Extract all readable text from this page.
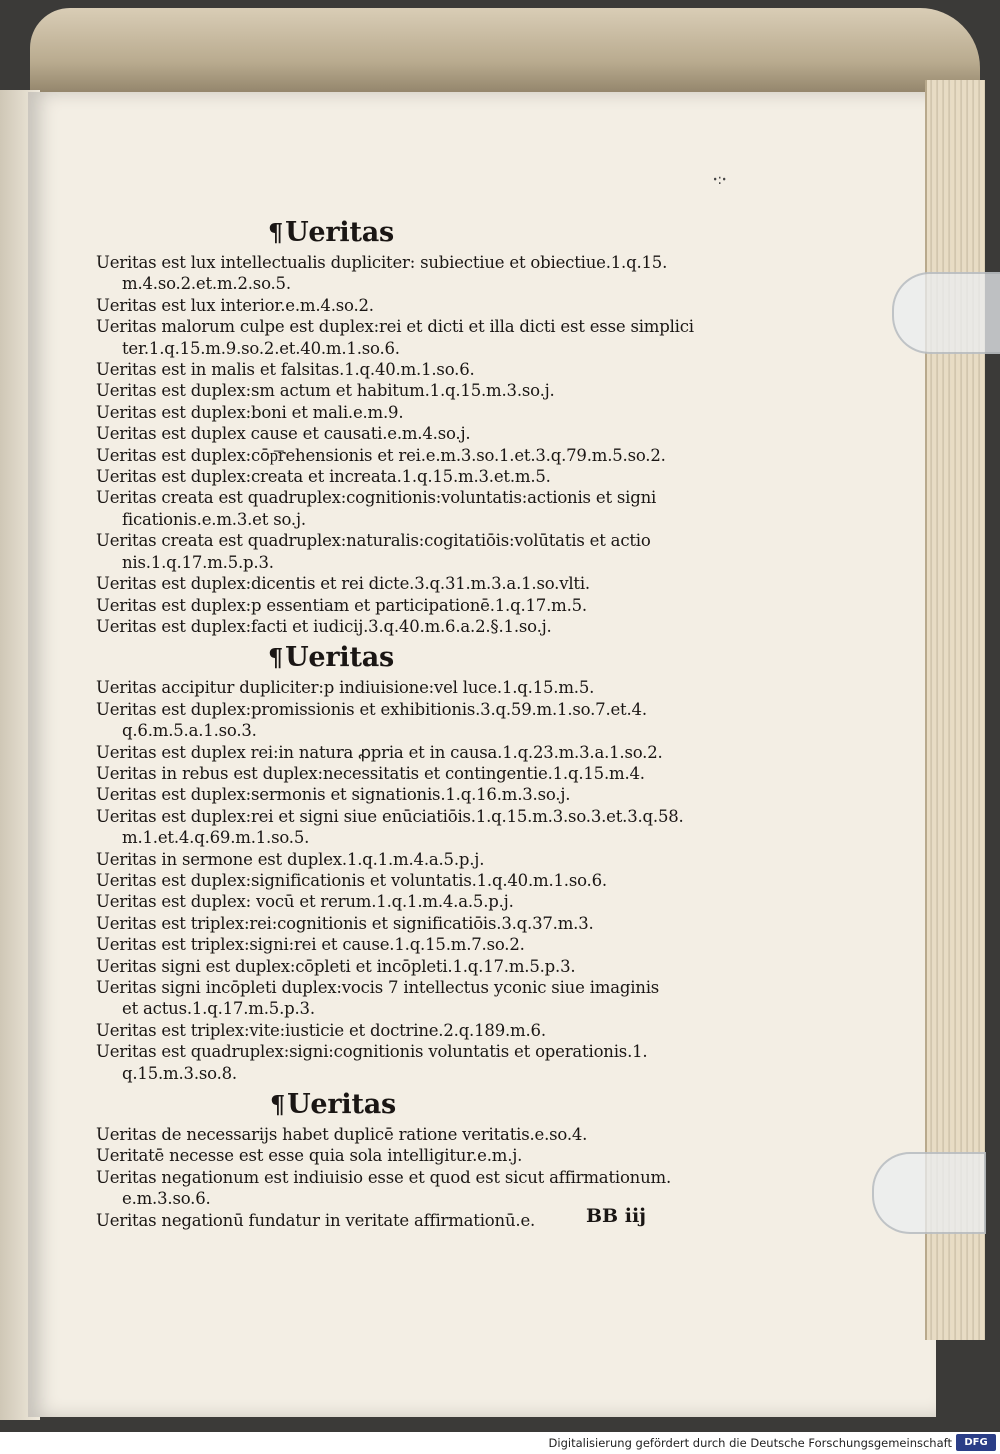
ꞏ:ꞏ
¶Ueritas
Ueritas est lux intellectualis dupliciter: subiectiue et obiectiue.1.q.15.
m.4.so.2.et.m.2.so.5.
Ueritas est lux interior.e.m.4.so.2.
Ueritas malorum culpe est duplex:rei et dicti et illa dicti est esse simplici
ter.1.q.15.m.9.so.2.et.40.m.1.so.6.
Ueritas est in malis et falsitas.1.q.40.m.1.so.6.
Ueritas est duplex:sm actum et habitum.1.q.15.m.3.so.j.
Ueritas est duplex:boni et mali.e.m.9.
Ueritas est duplex cause et causati.e.m.4.so.j.
Ueritas est duplex:cōp͞rehensionis et rei.e.m.3.so.1.et.3.q.79.m.5.so.2.
Ueritas est duplex:creata et increata.1.q.15.m.3.et.m.5.
Ueritas creata est quadruplex:cognitionis:voluntatis:actionis et signi
ficationis.e.m.3.et so.j.
Ueritas creata est quadruplex:naturalis:cogitatiōis:volūtatis et actio
nis.1.q.17.m.5.p.3.
Ueritas est duplex:dicentis et rei dicte.3.q.31.m.3.a.1.so.vlti.
Ueritas est duplex:p essentiam et participationē.1.q.17.m.5.
Ueritas est duplex:facti et iudicij.3.q.40.m.6.a.2.§.1.so.j.
¶Ueritas
Ueritas accipitur dupliciter:p indiuisione:vel luce.1.q.15.m.5.
Ueritas est duplex:promissionis et exhibitionis.3.q.59.m.1.so.7.et.4.
q.6.m.5.a.1.so.3.
Ueritas est duplex rei:in natura ꝓpria et in causa.1.q.23.m.3.a.1.so.2.
Ueritas in rebus est duplex:necessitatis et contingentie.1.q.15.m.4.
Ueritas est duplex:sermonis et signationis.1.q.16.m.3.so.j.
Ueritas est duplex:rei et signi siue enūciatiōis.1.q.15.m.3.so.3.et.3.q.58.
m.1.et.4.q.69.m.1.so.5.
Ueritas in sermone est duplex.1.q.1.m.4.a.5.p.j.
Ueritas est duplex:significationis et voluntatis.1.q.40.m.1.so.6.
Ueritas est duplex: vocū et rerum.1.q.1.m.4.a.5.p.j.
Ueritas est triplex:rei:cognitionis et significatiōis.3.q.37.m.3.
Ueritas est triplex:signi:rei et cause.1.q.15.m.7.so.2.
Ueritas signi est duplex:cōpleti et incōpleti.1.q.17.m.5.p.3.
Ueritas signi incōpleti duplex:vocis 7 intellectus yconic siue imaginis
et actus.1.q.17.m.5.p.3.
Ueritas est triplex:vite:iusticie et doctrine.2.q.189.m.6.
Ueritas est quadruplex:signi:cognitionis voluntatis et operationis.1.
q.15.m.3.so.8.
¶Ueritas
Ueritas de necessarijs habet duplicē ratione veritatis.e.so.4.
Ueritatē necesse est esse quia sola intelligitur.e.m.j.
Ueritas negationum est indiuisio esse et quod est sicut affirmationum.
e.m.3.so.6.
Ueritas negationū fundatur in veritate affirmationū.e.	BB iij
Digitalisierung gefördert durch die Deutsche Forschungsgemeinschaft	DFG
